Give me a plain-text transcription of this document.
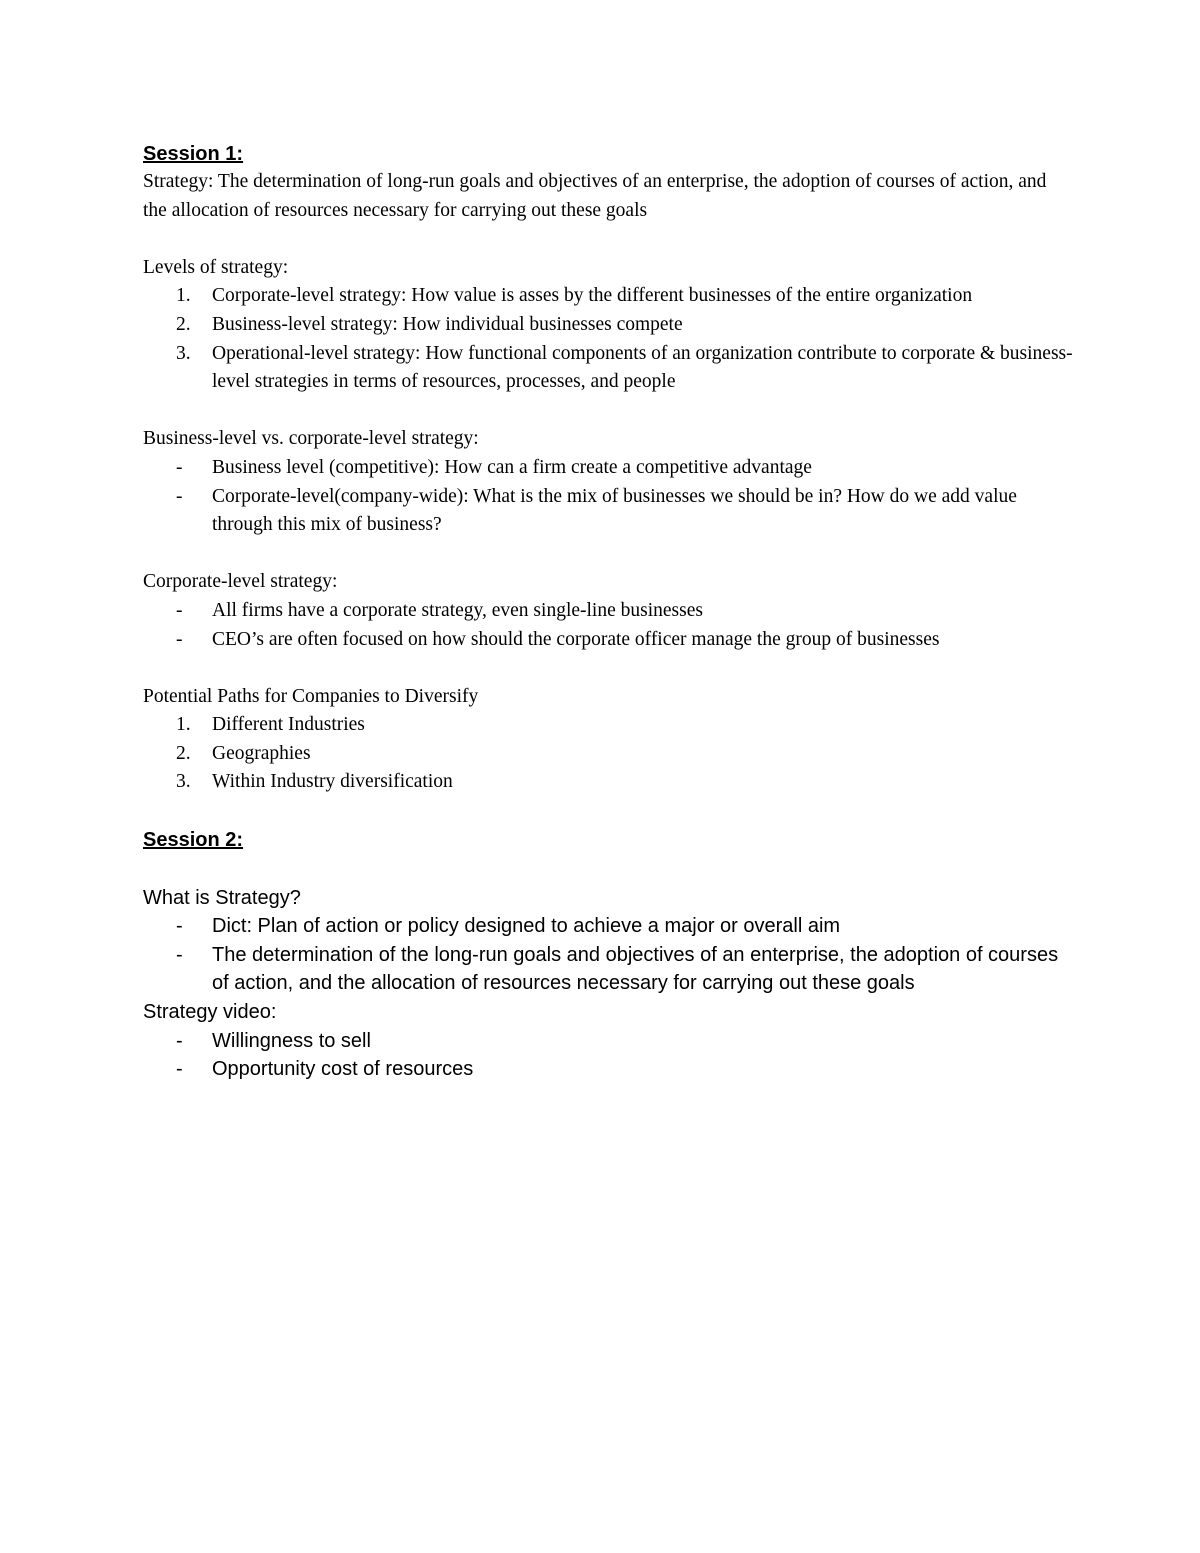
Session 1:

Strategy: The determination of long-run goals and objectives of an enterprise, the adoption of courses of action, and the allocation of resources necessary for carrying out these goals

Levels of strategy:

1. Corporate-level strategy: How value is asses by the different businesses of the entire organization
2. Business-level strategy: How individual businesses compete
3. Operational-level strategy: How functional components of an organization contribute to corporate & business-level strategies in terms of resources, processes, and people

Business-level vs. corporate-level strategy:

- Business level (competitive): How can a firm create a competitive advantage
- Corporate-level(company-wide): What is the mix of businesses we should be in? How do we add value through this mix of business?

Corporate-level strategy:

- All firms have a corporate strategy, even single-line businesses
- CEO’s are often focused on how should the corporate officer manage the group of businesses

Potential Paths for Companies to Diversify

1. Different Industries
2. Geographies
3. Within Industry diversification
Session 2:

What is Strategy?

- Dict: Plan of action or policy designed to achieve a major or overall aim
- The determination of the long-run goals and objectives of an enterprise, the adoption of courses of action, and the allocation of resources necessary for carrying out these goals

Strategy video:

- Willingness to sell
- Opportunity cost of resources
